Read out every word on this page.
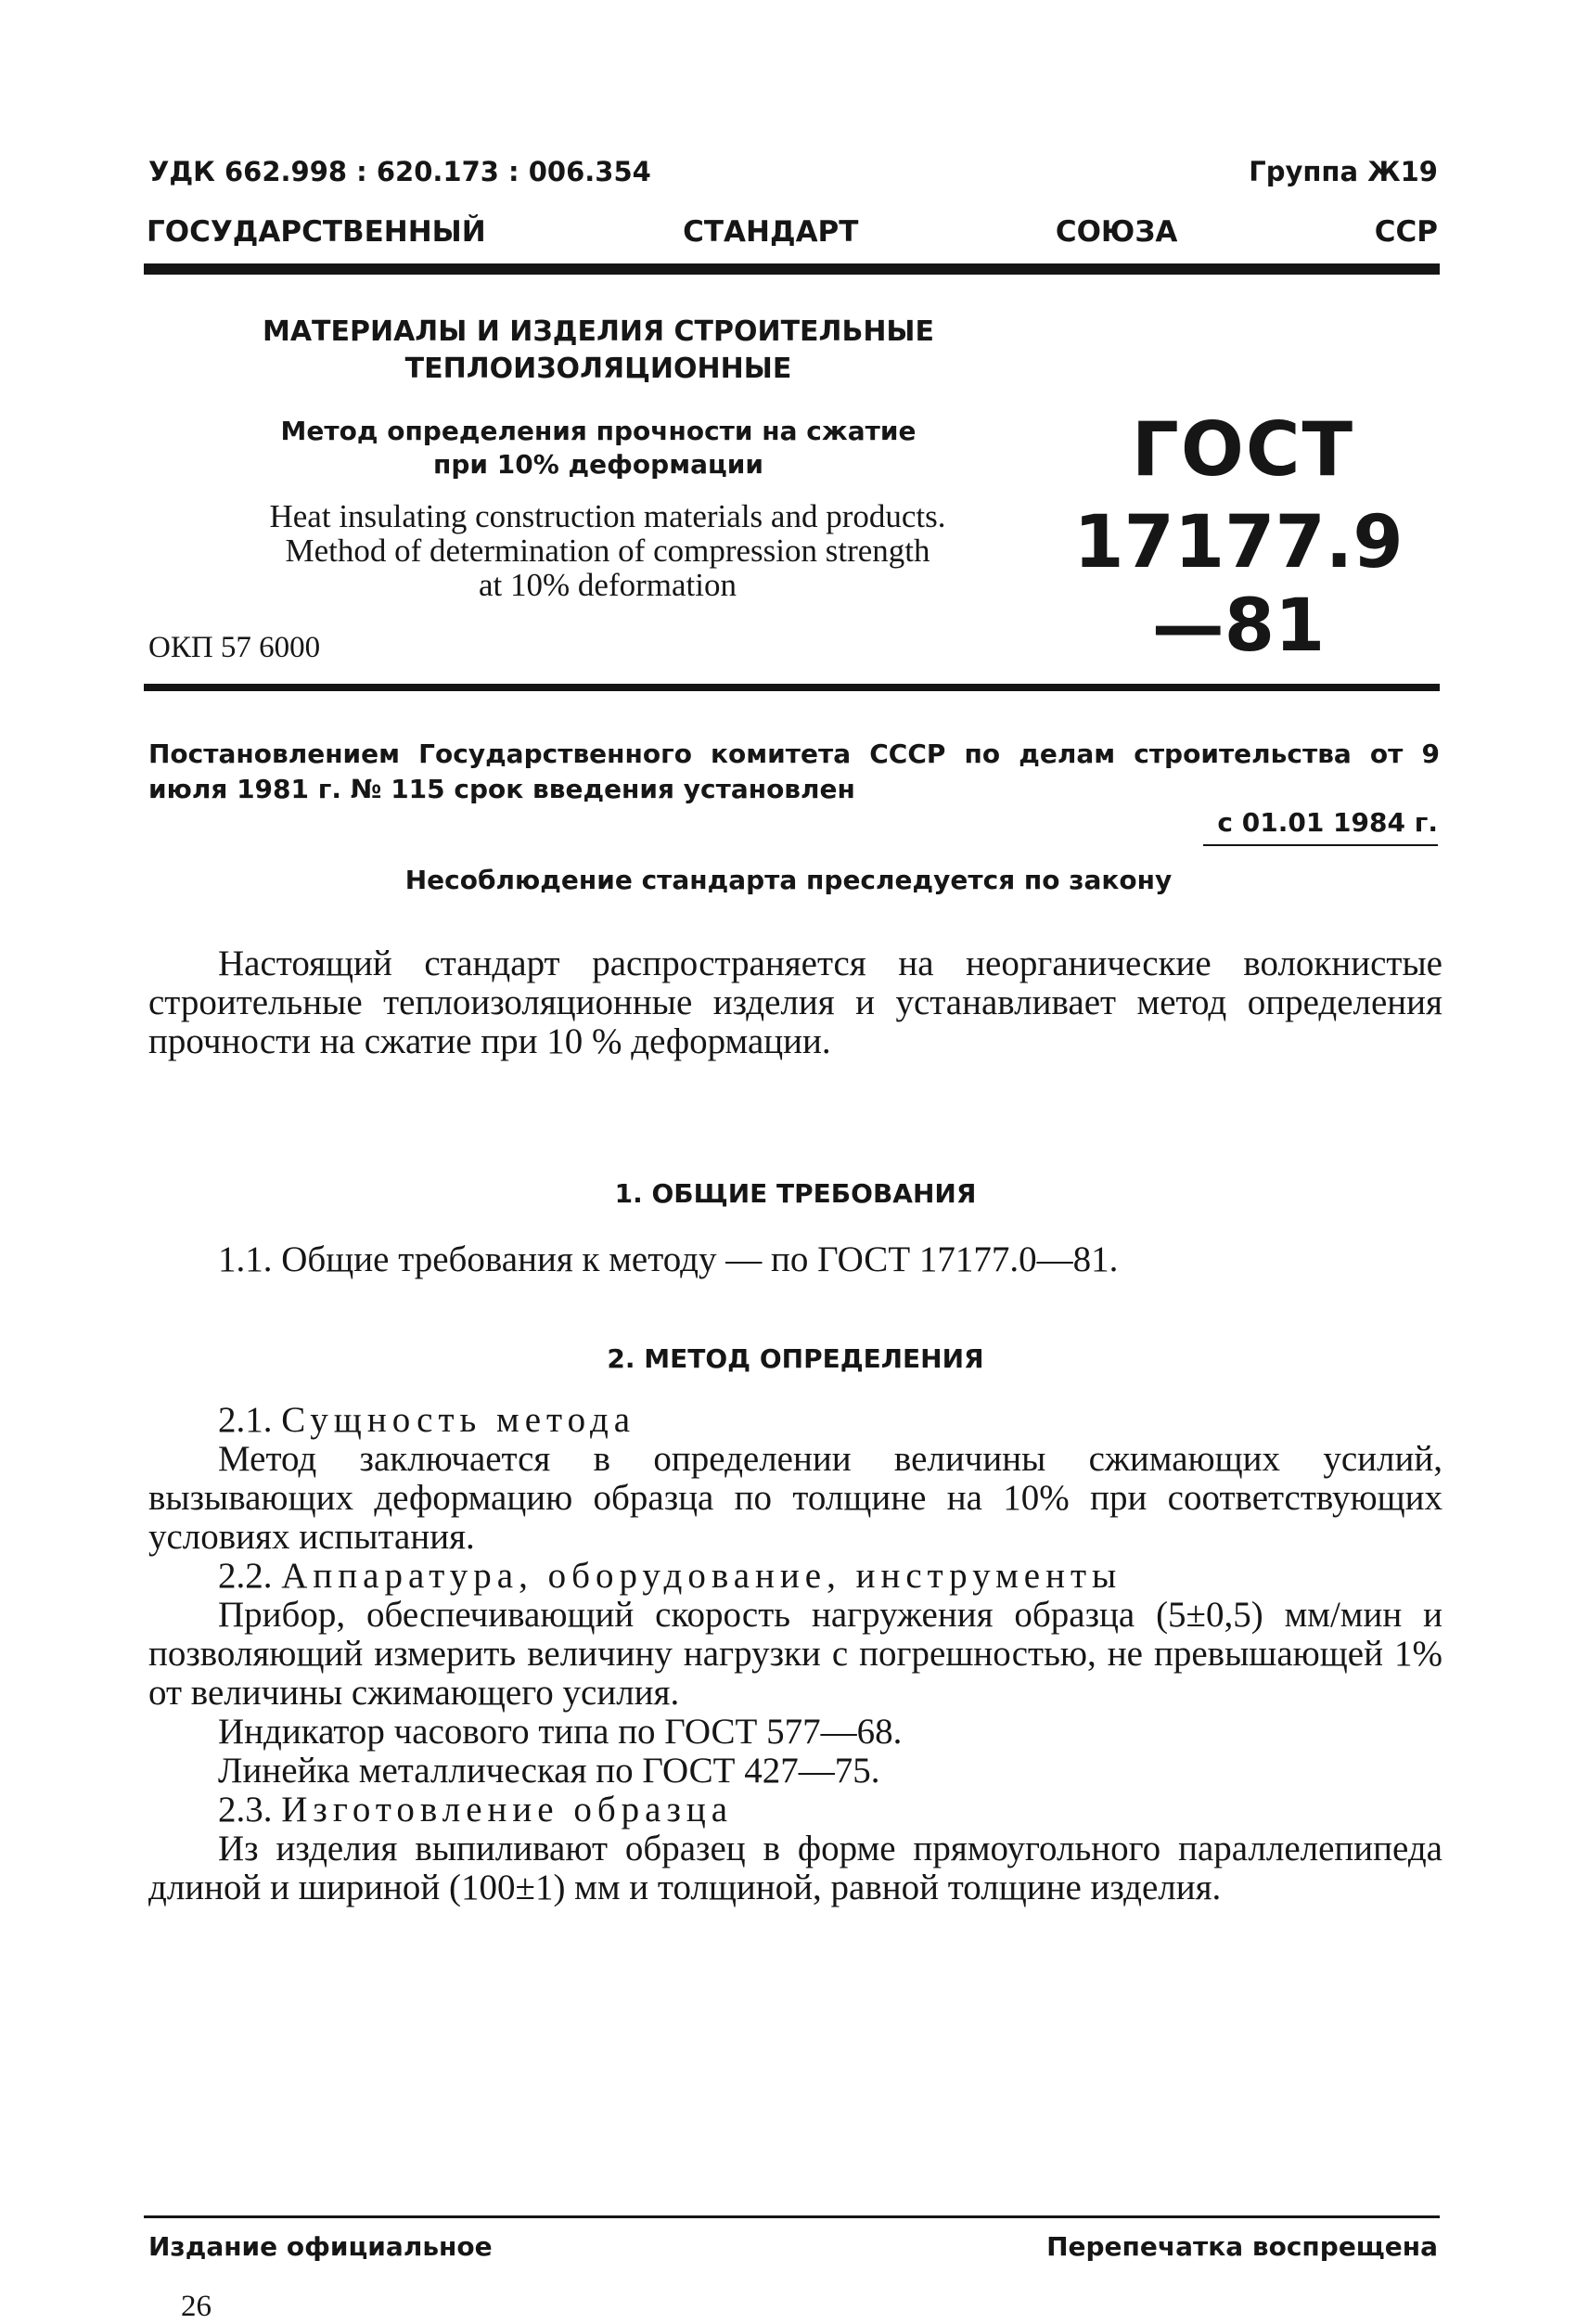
УДК 662.998 : 620.173 : 006.354	Группа Ж19
ГОСУДАРСТВЕННЫЙ	СТАНДАРТ	СОЮЗА	ССР
МАТЕРИАЛЫ И ИЗДЕЛИЯ СТРОИТЕЛЬНЫЕ
ТЕПЛОИЗОЛЯЦИОННЫЕ
Метод определения прочности на сжатие
при 10% деформации
Heat insulating construction materials and products.
Method of determination of compression strength
at 10% deformation
ГОСТ
17177.9—81
ОКП 57 6000
Постановлением Государственного комитета СССР по делам строительства от 9 июля 1981 г. № 115 срок введения установлен
с 01.01 1984 г.
Несоблюдение стандарта преследуется по закону

Настоящий стандарт распространяется на неорганические волокнистые строительные теплоизоляционные изделия и устанавливает метод определения прочности на сжатие при 10 % деформации.

1. ОБЩИЕ ТРЕБОВАНИЯ
1.1. Общие требования к методу — по ГОСТ 17177.0—81.
2. МЕТОД ОПРЕДЕЛЕНИЯ

2.1. Сущность метода

Метод заключается в определении величины сжимающих усилий, вызывающих деформацию образца по толщине на 10% при соответствующих условиях испытания.

2.2. Аппаратура, оборудование, инструменты

Прибор, обеспечивающий скорость нагружения образца (5±0,5) мм/мин и позволяющий измерить величину нагрузки с погрешностью, не превышающей 1% от величины сжимающего усилия.

Индикатор часового типа по ГОСТ 577—68.

Линейка металлическая по ГОСТ 427—75.

2.3. Изготовление образца

Из изделия выпиливают образец в форме прямоугольного параллелепипеда длиной и шириной (100±1) мм и толщиной, равной толщине изделия.

Издание официальное	Перепечатка воспрещена
26
